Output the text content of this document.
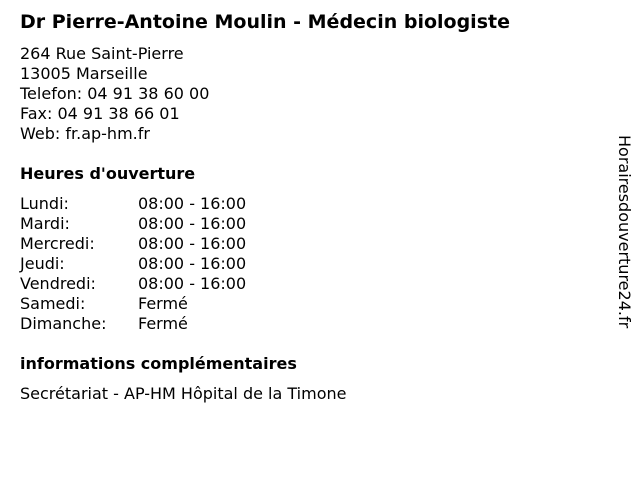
Dr Pierre-Antoine Moulin - Médecin biologiste
264 Rue Saint-Pierre
13005 Marseille
Telefon: 04 91 38 60 00
Fax: 04 91 38 66 01
Web: fr.ap-hm.fr
Heures d'ouverture
Lundi:	08:00 - 16:00
Mardi:	08:00 - 16:00
Mercredi:	08:00 - 16:00
Jeudi:	08:00 - 16:00
Vendredi:	08:00 - 16:00
Samedi:	Fermé
Dimanche:	Fermé
informations complémentaires
Secrétariat - AP-HM Hôpital de la Timone
Horairesdouverture24.fr
